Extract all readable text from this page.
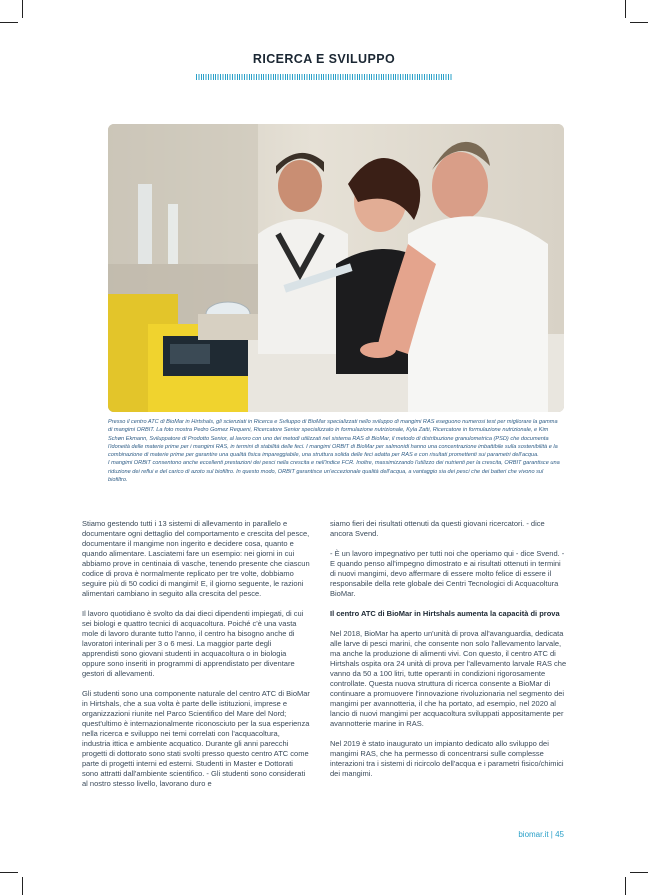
RICERCA E SVILUPPO

Presso il centro ATC di BioMar in Hirtshals, gli scienziati in Ricerca e Sviluppo di BioMar specializzati nello sviluppo di mangimi RAS eseguono numerosi test per migliorare la gamma di mangimi ORBIT. La foto mostra Pedro Gomez Requeni, Ricercatore Senior specializzato in formulazione nutrizionale, Kyla Zatti, Ricercatore in formulazione nutrizionale, e Kim Schøn Ekmann, Sviluppatore di Prodotto Senior, al lavoro con uno dei metodi utilizzati nel sistema RAS di BioMar, il metodo di distribuzione granulometrica (PSD) che documenta l'idoneità delle materie prime per i mangimi RAS, in termini di stabilità delle feci. I mangimi ORBIT di BioMar per salmonidi hanno una concentrazione imbattibile sulla sostenibilità e la combinazione di materie prime per garantire una qualità fisica impareggiabile, una struttura solida delle feci adatta per RAS e con risultati promettenti sui parametri dell'acqua.

I mangimi ORBIT consentono anche eccellenti prestazioni dei pesci nella crescita e nell'indice FCR. Inoltre, massimizzando l'utilizzo dei nutrienti per la crescita, ORBIT garantisce una riduzione dei reflui e del carico di azoto sul biofiltro. In questo modo, ORBIT garantisce un'eccezionale qualità dell'acqua, a vantaggio sia dei pesci che dei batteri che vivono sul biofiltro.

Stiamo gestendo tutti i 13 sistemi di allevamento in parallelo e documentare ogni dettaglio del comportamento e crescita del pesce, documentare il mangime non ingerito e decidere cosa, quanto e quando alimentare. Lasciatemi fare un esempio: nei giorni in cui abbiamo prove in centinaia di vasche, tenendo presente che ciascun codice di prova è normalmente replicato per tre volte, dobbiamo seguire più di 50 codici di mangimi! E, il giorno seguente, le razioni alimentari cambiano in seguito alla crescita del pesce.

Il lavoro quotidiano è svolto da dai dieci dipendenti impiegati, di cui sei biologi e quattro tecnici di acquacoltura. Poiché c'è una vasta mole di lavoro durante tutto l'anno, il centro ha bisogno anche di lavoratori interinali per 3 o 6 mesi. La maggior parte degli apprendisti sono giovani studenti in acquacoltura o in biologia oppure sono inseriti in programmi di apprendistato per diventare gestori di allevamenti.

Gli studenti sono una componente naturale del centro ATC di BioMar in Hirtshals, che a sua volta è parte delle istituzioni, imprese e organizzazioni riunite nel Parco Scientifico del Mare del Nord; quest'ultimo è internazionalmente riconosciuto per la sua esperienza nella ricerca e sviluppo nei temi correlati con l'acquacoltura, industria ittica e ambiente acquatico. Durante gli anni parecchi progetti di dottorato sono stati svolti presso questo centro ATC come parte di progetti interni ed esterni. Studenti in Master e Dottorati sono attratti dall'ambiente scientifico. - Gli studenti sono considerati al nostro stesso livello, lavorano duro e

siamo fieri dei risultati ottenuti da questi giovani ricercatori. - dice ancora Svend.

- È un lavoro impegnativo per tutti noi che operiamo qui - dice Svend. - E quando penso all'impegno dimostrato e ai risultati ottenuti in termini di nuovi mangimi, devo affermare di essere molto felice di essere il responsabile della rete globale dei Centri Tecnologici di Acquacoltura BioMar.

Il centro ATC di BioMar in Hirtshals aumenta la capacità di prova

Nel 2018, BioMar ha aperto un'unità di prova all'avanguardia, dedicata alle larve di pesci marini, che consente non solo l'allevamento larvale, ma anche la produzione di alimenti vivi. Con questo, il centro ATC di Hirtshals ospita ora 24 unità di prova per l'allevamento larvale RAS che vanno da 50 a 100 litri, tutte operanti in condizioni rigorosamente controllate. Questa nuova struttura di ricerca consente a BioMar di continuare a promuovere l'innovazione rivoluzionaria nel segmento dei mangimi per avannotteria, il che ha portato, ad esempio, nel 2020 al lancio di nuovi mangimi per acquacoltura sviluppati appositamente per avannotterie marine in RAS.

Nel 2019 è stato inaugurato un impianto dedicato allo sviluppo dei mangimi RAS, che ha permesso di concentrarsi sulle complesse interazioni tra i sistemi di ricircolo dell'acqua e i parametri fisico/chimici dei mangimi.

biomar.it | 45
